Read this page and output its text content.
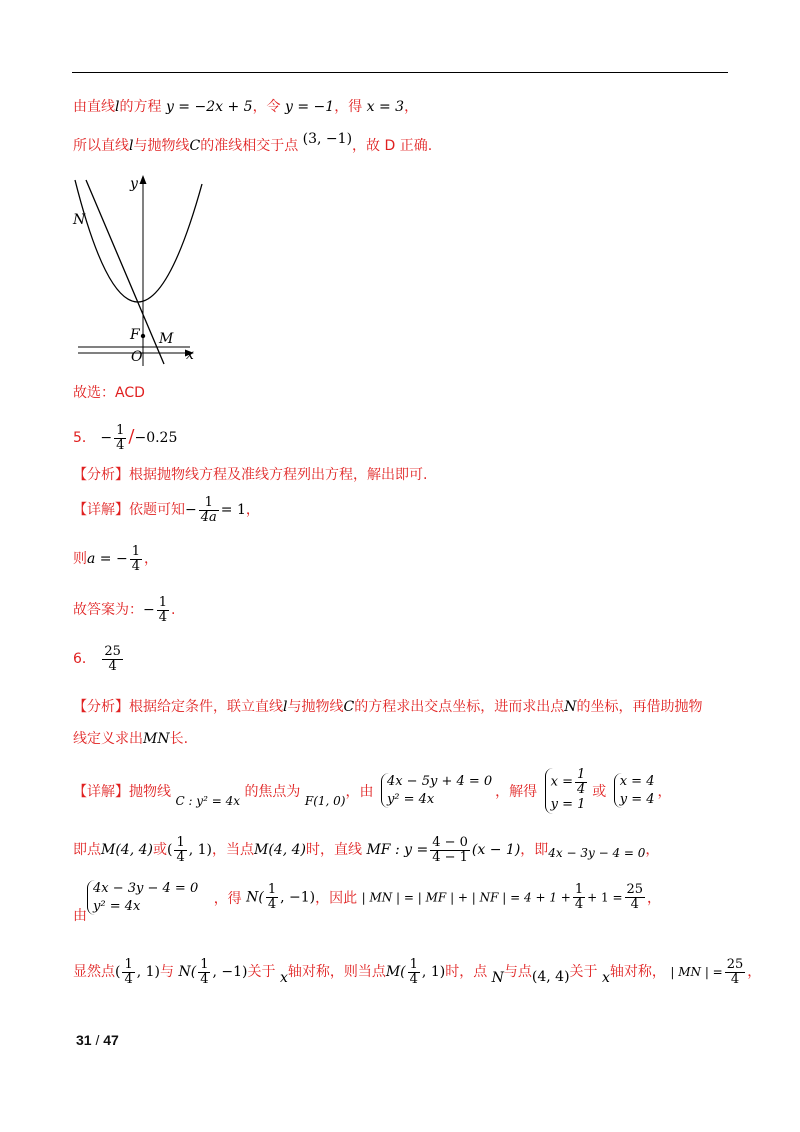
由直线l的方程 y = −2x + 5，令 y = −1，得 x = 3，
所以直线l与抛物线C的准线相交于点 (3, −1)，故 D 正确.
y
x
N
F M
O
故选：ACD
5． − $\frac{1}{4} /-0.25$
【分析】根据抛物线方程及准线方程列出方程，解出即可.
【详解】依题可知− $\frac{1}{4a} = 1$，
则a = − $\frac{1}{4}$ ，
故答案为：− $\frac{1}{4}$ .
6． $\frac{25}{4}$
【分析】根据给定条件，联立直线l与抛物线C的方程求出交点坐标，进而求出点N的坐标，再借助抛物
线定义求出MN长.
【详解】抛物线 C : y² = 4x 的焦点为 F(1, 0)，由
4x − 5y + 4 = 0
y² = 4x	，解得
$x = \frac{1}{4}$
y = 1
或
x = 4
y = 4 ，
即点M(4, 4)或( $\frac{1}{4}$ , 1)，当点M(4, 4)时，直线 MF : $y = \frac{4 - 0}{4 - 1} (x - 1)$，即4x − 3y − 4 = 0，
4x − 3y − 4 = 0
y² = 4x	，得 $N( \frac{1}{4}$ , −1)，因此 | MN | = | MF | + | NF | = $4 + 1 + \frac{1}{4} + 1 = \frac{25}{4}$ ，
由
显然点( $\frac{1}{4}$ , 1)与 $N( \frac{1}{4}$ , −1)关于 x轴对称，则当点$M( \frac{1}{4}$ , 1)时，点 N与点(4, 4)关于 x轴对称， | MN | = $\frac{25}{4}$ ，
31 / 47
